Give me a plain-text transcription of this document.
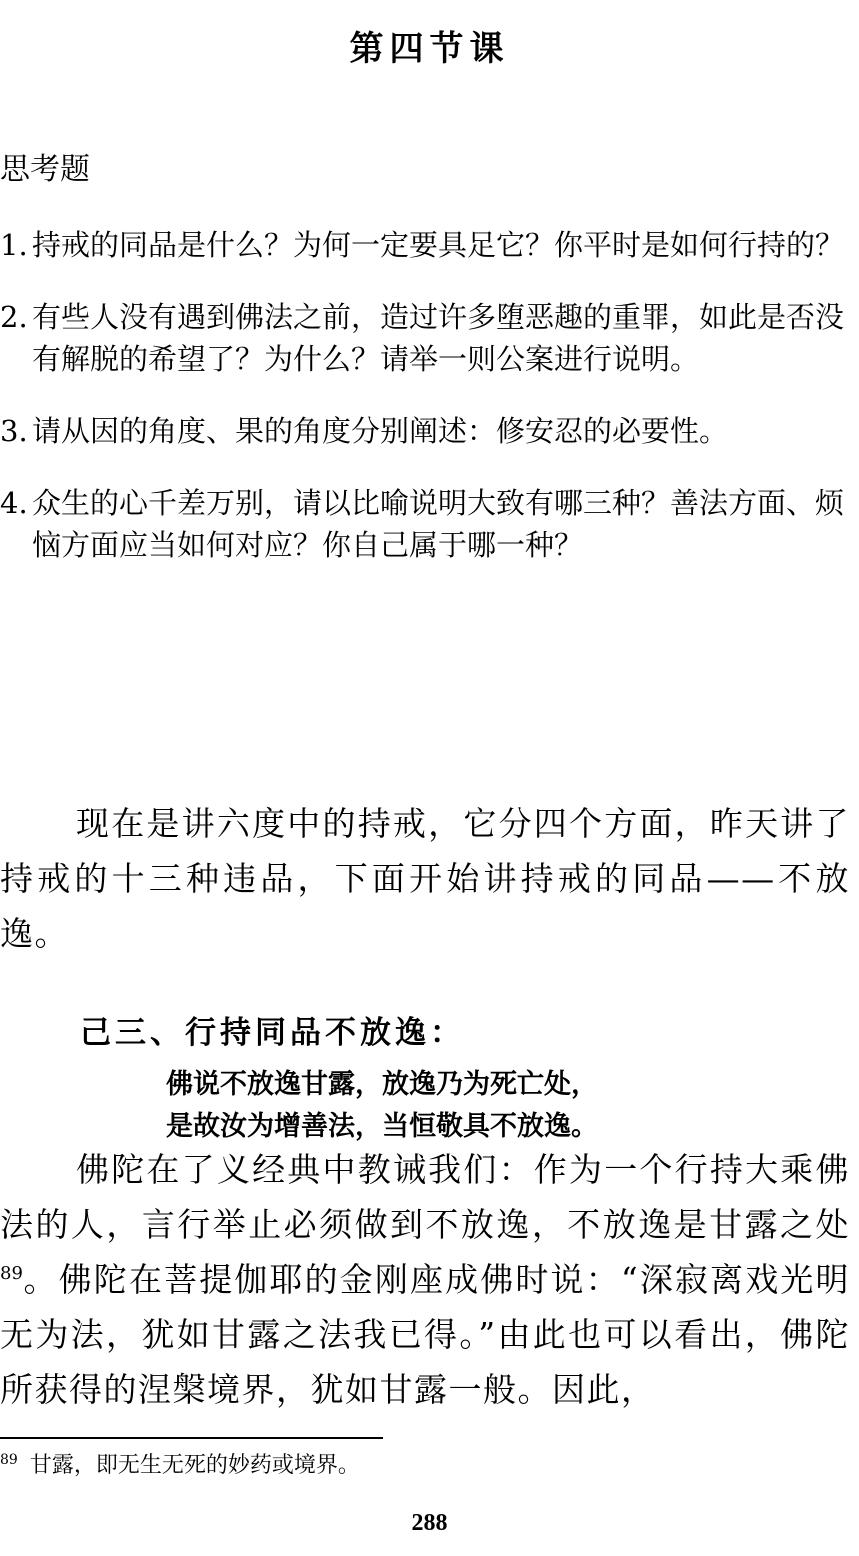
第四节课
思考题
1. 持戒的同品是什么？为何一定要具足它？你平时是如何行持的？
2. 有些人没有遇到佛法之前，造过许多堕恶趣的重罪，如此是否没有解脱的希望了？为什么？请举一则公案进行说明。
3. 请从因的角度、果的角度分别阐述：修安忍的必要性。
4. 众生的心千差万别，请以比喻说明大致有哪三种？善法方面、烦恼方面应当如何对应？你自己属于哪一种？

现在是讲六度中的持戒，它分四个方面，昨天讲了持戒的十三种违品，下面开始讲持戒的同品——不放逸。

己三、行持同品不放逸：
佛说不放逸甘露，放逸乃为死亡处，
是故汝为增善法，当恒敬具不放逸。

佛陀在了义经典中教诫我们：作为一个行持大乘佛法的人，言行举止必须做到不放逸，不放逸是甘露之处$^{89}$。佛陀在菩提伽耶的金刚座成佛时说：“深寂离戏光明无为法，犹如甘露之法我已得。”由此也可以看出，佛陀所获得的涅槃境界，犹如甘露一般。因此，

$^{89}$ 甘露，即无生无死的妙药或境界。
288
